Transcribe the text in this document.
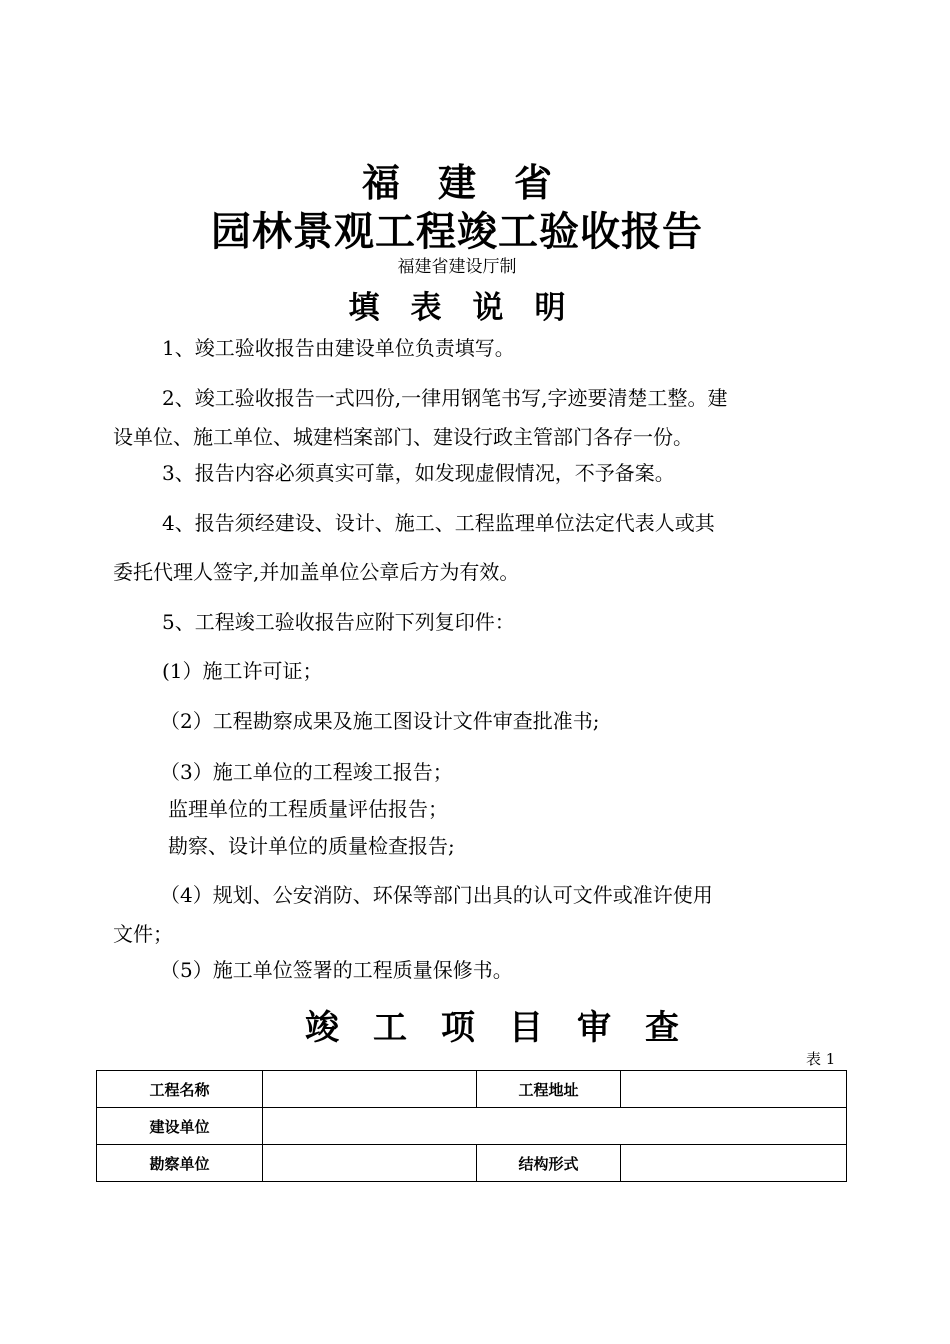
福　建　省
园林景观工程竣工验收报告
福建省建设厅制
填　表　说　明
1、竣工验收报告由建设单位负责填写。
2、竣工验收报告一式四份,一律用钢笔书写,字迹要清楚工整。建
设单位、施工单位、城建档案部门、建设行政主管部门各存一份。
3、报告内容必须真实可靠，如发现虚假情况，不予备案。
4、报告须经建设、设计、施工、工程监理单位法定代表人或其
委托代理人签字,并加盖单位公章后方为有效。
5、工程竣工验收报告应附下列复印件：
(1）施工许可证；
（2）工程勘察成果及施工图设计文件审查批准书;
（3）施工单位的工程竣工报告；
监理单位的工程质量评估报告；
勘察、设计单位的质量检查报告;
（4）规划、公安消防、环保等部门出具的认可文件或准许使用
文件；
（5）施工单位签署的工程质量保修书。
竣　工　项　目　审　查
表 1
工程名称		工程地址	
建设单位			
勘察单位		结构形式	
